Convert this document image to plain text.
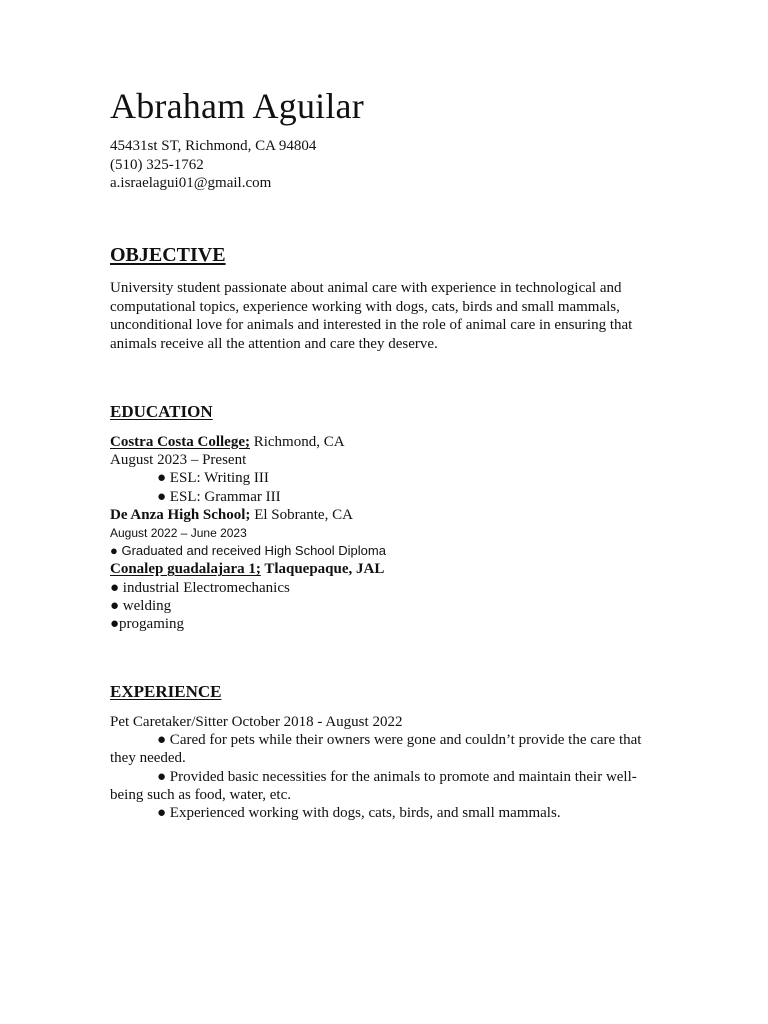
Abraham Aguilar
45431st ST, Richmond, CA 94804
(510) 325-1762
a.israelagui01@gmail.com
OBJECTIVE

University student passionate about animal care with experience in technological and computational topics, experience working with dogs, cats, birds and small mammals, unconditional love for animals and interested in the role of animal care in ensuring that animals receive all the attention and care they deserve.

EDUCATION
Costra Costa College; Richmond, CA
August 2023 – Present
● ESL: Writing III
● ESL: Grammar III
De Anza High School; El Sobrante, CA
August 2022 – June 2023
● Graduated and received High School Diploma
Conalep guadalajara 1; Tlaquepaque, JAL
● industrial Electromechanics
● welding
●progaming
EXPERIENCE
Pet Caretaker/Sitter October 2018 - August 2022
● Cared for pets while their owners were gone and couldn’t provide the care that they needed.
● Provided basic necessities for the animals to promote and maintain their well-being such as food, water, etc.
● Experienced working with dogs, cats, birds, and small mammals.
